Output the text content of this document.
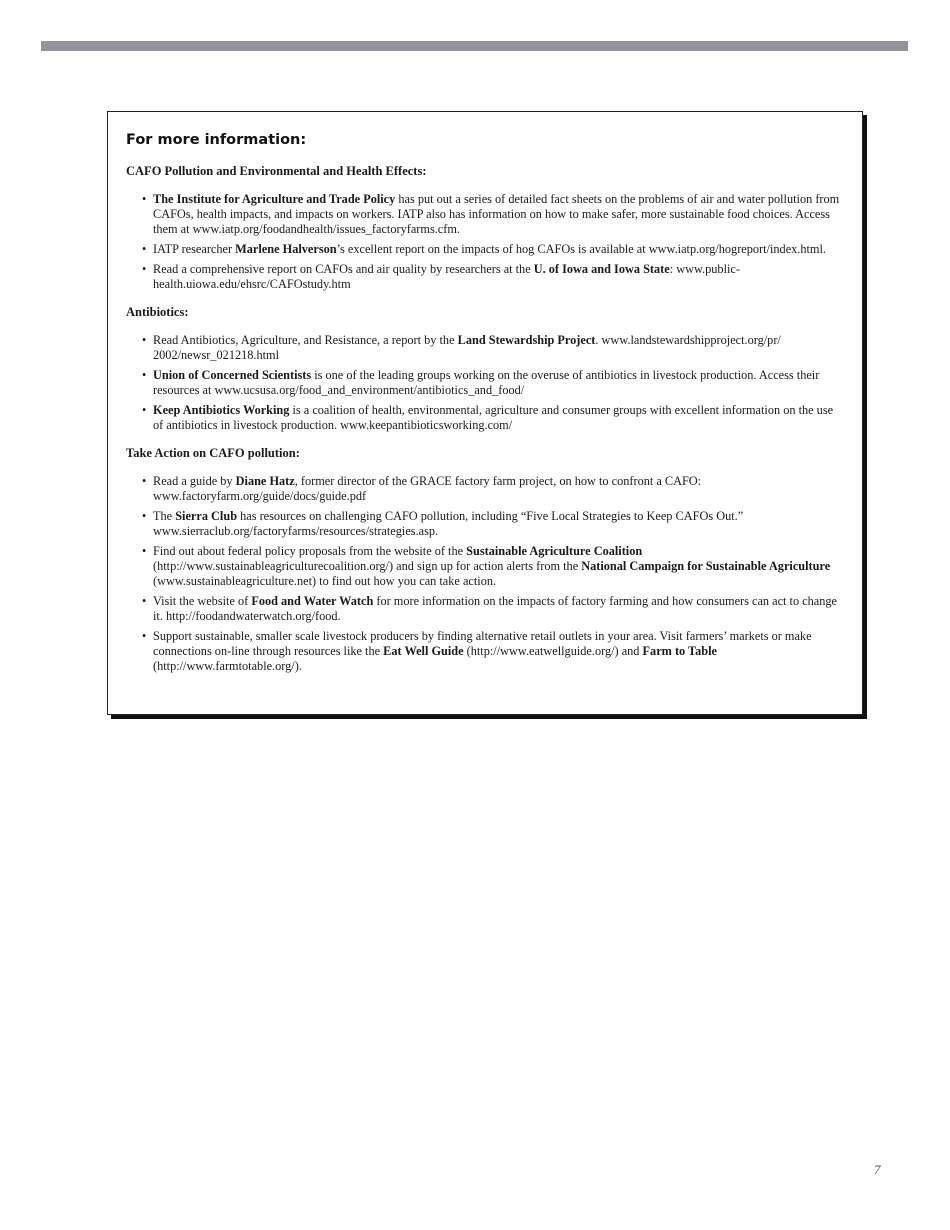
For more information:
CAFO Pollution and Environmental and Health Effects:
• The Institute for Agriculture and Trade Policy has put out a series of detailed fact sheets on the problems of air and water pollution from CAFOs, health impacts, and impacts on workers. IATP also has information on how to make safer, more sustainable food choices. Access them at www.iatp.org/foodandhealth/issues_factoryfarms.cfm.
• IATP researcher Marlene Halverson’s excellent report on the impacts of hog CAFOs is available at www.iatp.org/hogreport/index.html.
• Read a comprehensive report on CAFOs and air quality by researchers at the U. of Iowa and Iowa State: www.public-health.uiowa.edu/ehsrc/CAFOstudy.htm
Antibiotics:
• Read Antibiotics, Agriculture, and Resistance, a report by the Land Stewardship Project. www.landstewardshipproject.org/pr/ 2002/newsr_021218.html
• Union of Concerned Scientists is one of the leading groups working on the overuse of antibiotics in livestock production. Access their resources at www.ucsusa.org/food_and_environment/antibiotics_and_food/
• Keep Antibiotics Working is a coalition of health, environmental, agriculture and consumer groups with excellent information on the use of antibiotics in livestock production. www.keepantibioticsworking.com/
Take Action on CAFO pollution:
• Read a guide by Diane Hatz, former director of the GRACE factory farm project, on how to confront a CAFO: www.factoryfarm.org/guide/docs/guide.pdf
• The Sierra Club has resources on challenging CAFO pollution, including “Five Local Strategies to Keep CAFOs Out.” www.sierraclub.org/factoryfarms/resources/strategies.asp.
• Find out about federal policy proposals from the website of the Sustainable Agriculture Coalition (http://www.sustainableagriculturecoalition.org/) and sign up for action alerts from the National Campaign for Sustainable Agriculture (www.sustainableagriculture.net) to find out how you can take action.
• Visit the website of Food and Water Watch for more information on the impacts of factory farming and how consumers can act to change it. http://foodandwaterwatch.org/food.
• Support sustainable, smaller scale livestock producers by finding alternative retail outlets in your area. Visit farmers’ markets or make connections on-line through resources like the Eat Well Guide (http://www.eatwellguide.org/) and Farm to Table (http://www.farmtotable.org/).
7
